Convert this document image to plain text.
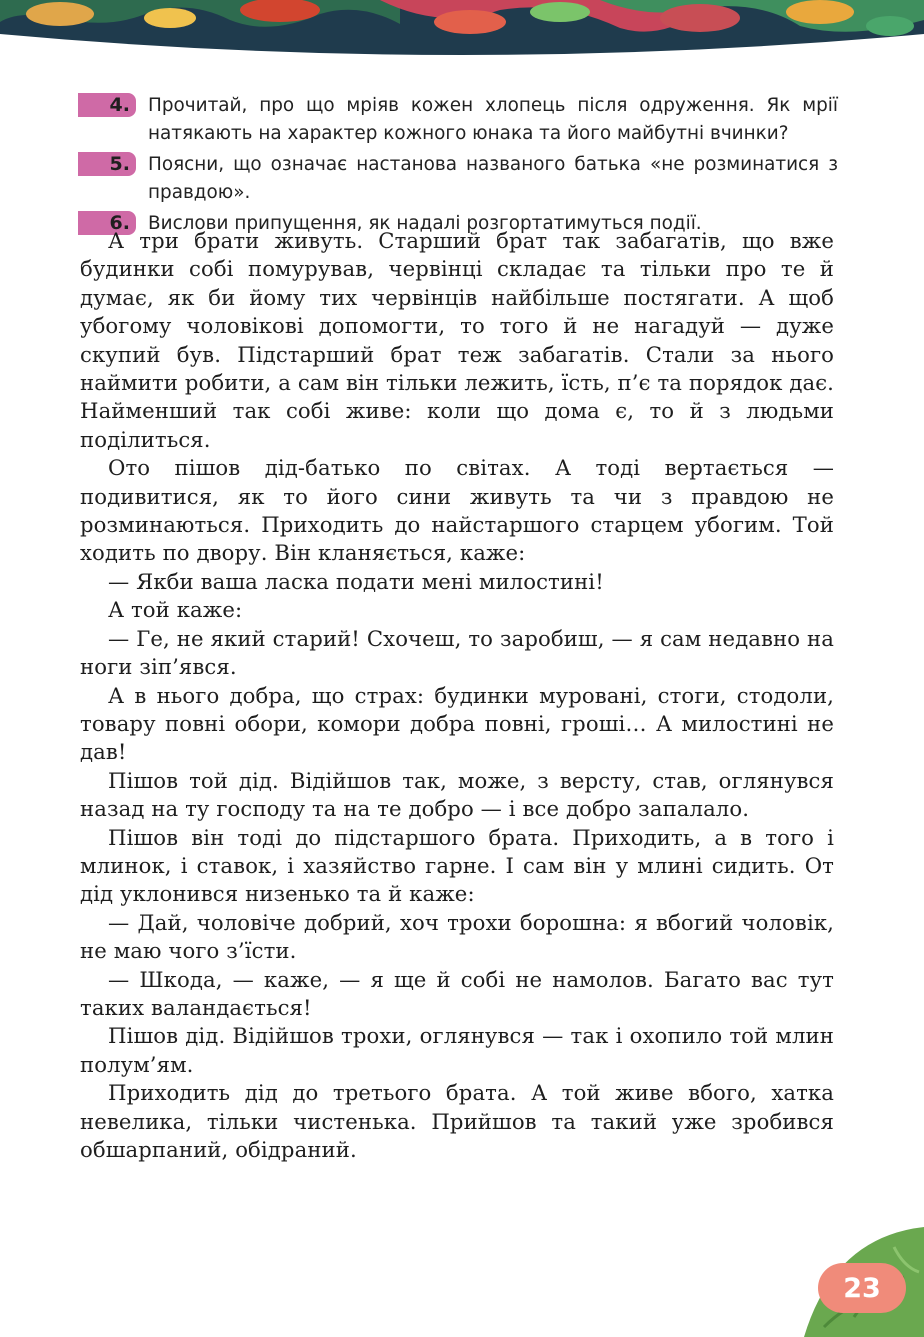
4. Прочитай, про що мріяв кожен хлопець після одруження. Як мрії натякають на характер кожного юнака та його майбутні вчинки?
5. Поясни, що означає настанова названого батька «не розминатися з правдою».
6. Вислови припущення, як надалі розгортатимуться події.

А три брати живуть. Старший брат так забагатів, що вже будинки собі помурував, червінці складає та тільки про те й думає, як би йому тих червінців найбільше постягати. А щоб убогому чоловікові допомогти, то того й не нагадуй — дуже скупий був. Підстарший брат теж забагатів. Стали за нього наймити робити, а сам він тільки лежить, їсть, п’є та порядок дає. Найменший так собі живе: коли що дома є, то й з людьми поділиться.

Ото пішов дід-батько по світах. А тоді вертається — подивитися, як то його сини живуть та чи з правдою не розминаються. Приходить до найстаршого старцем убогим. Той ходить по двору. Він кланяється, каже:

— Якби ваша ласка подати мені милостині!

А той каже:

— Ге, не який старий! Схочеш, то заробиш, — я сам недавно на ноги зіп’явся.

А в нього добра, що страх: будинки муровані, стоги, стодоли, товару повні обори, комори добра повні, гроші… А милостині не дав!

Пішов той дід. Відійшов так, може, з версту, став, оглянувся назад на ту господу та на те добро — і все добро запалало.

Пішов він тоді до підстаршого брата. Приходить, а в того і млинок, і ставок, і хазяйство гарне. І сам він у млині сидить. От дід уклонився низенько та й каже:

— Дай, чоловіче добрий, хоч трохи борошна: я вбогий чоловік, не маю чого з’їсти.

— Шкода, — каже, — я ще й собі не намолов. Багато вас тут таких валандається!

Пішов дід. Відійшов трохи, оглянувся — так і охопило той млин полум’ям.

Приходить дід до третього брата. А той живе вбого, хатка невелика, тільки чистенька. Прийшов та такий уже зробився обшарпаний, обідраний.

23
